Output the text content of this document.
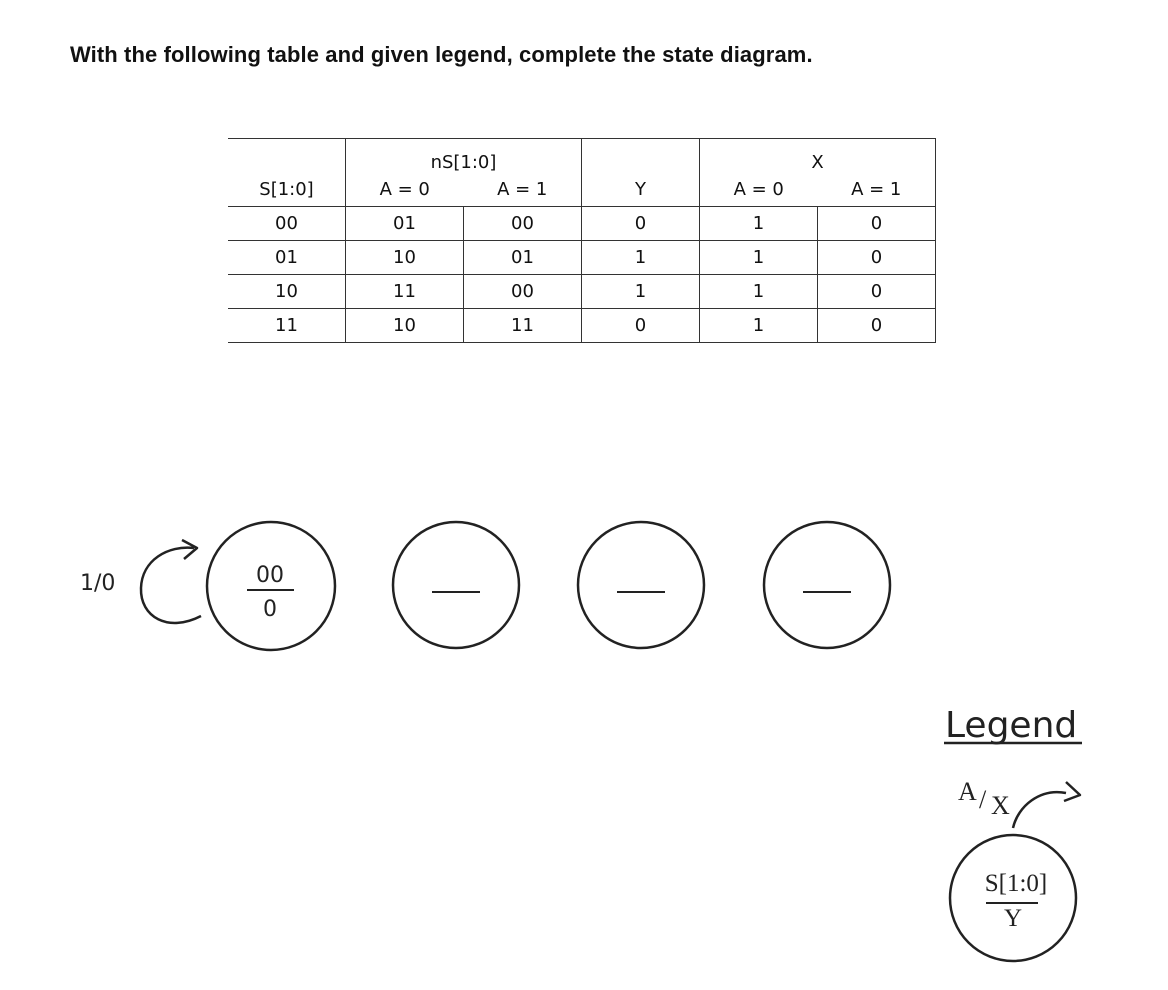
With the following table and given legend, complete the state diagram.
	nS[1:0]			X	
S[1:0]	A = 0	A = 1	Y	A = 0	A = 1
00	01	00	0	1	0
01	10	01	1	1	0
10	11	00	1	1	0
11	10	11	0	1	0
1/0	00
0
Legend
A / X
S[1:0]
Y
